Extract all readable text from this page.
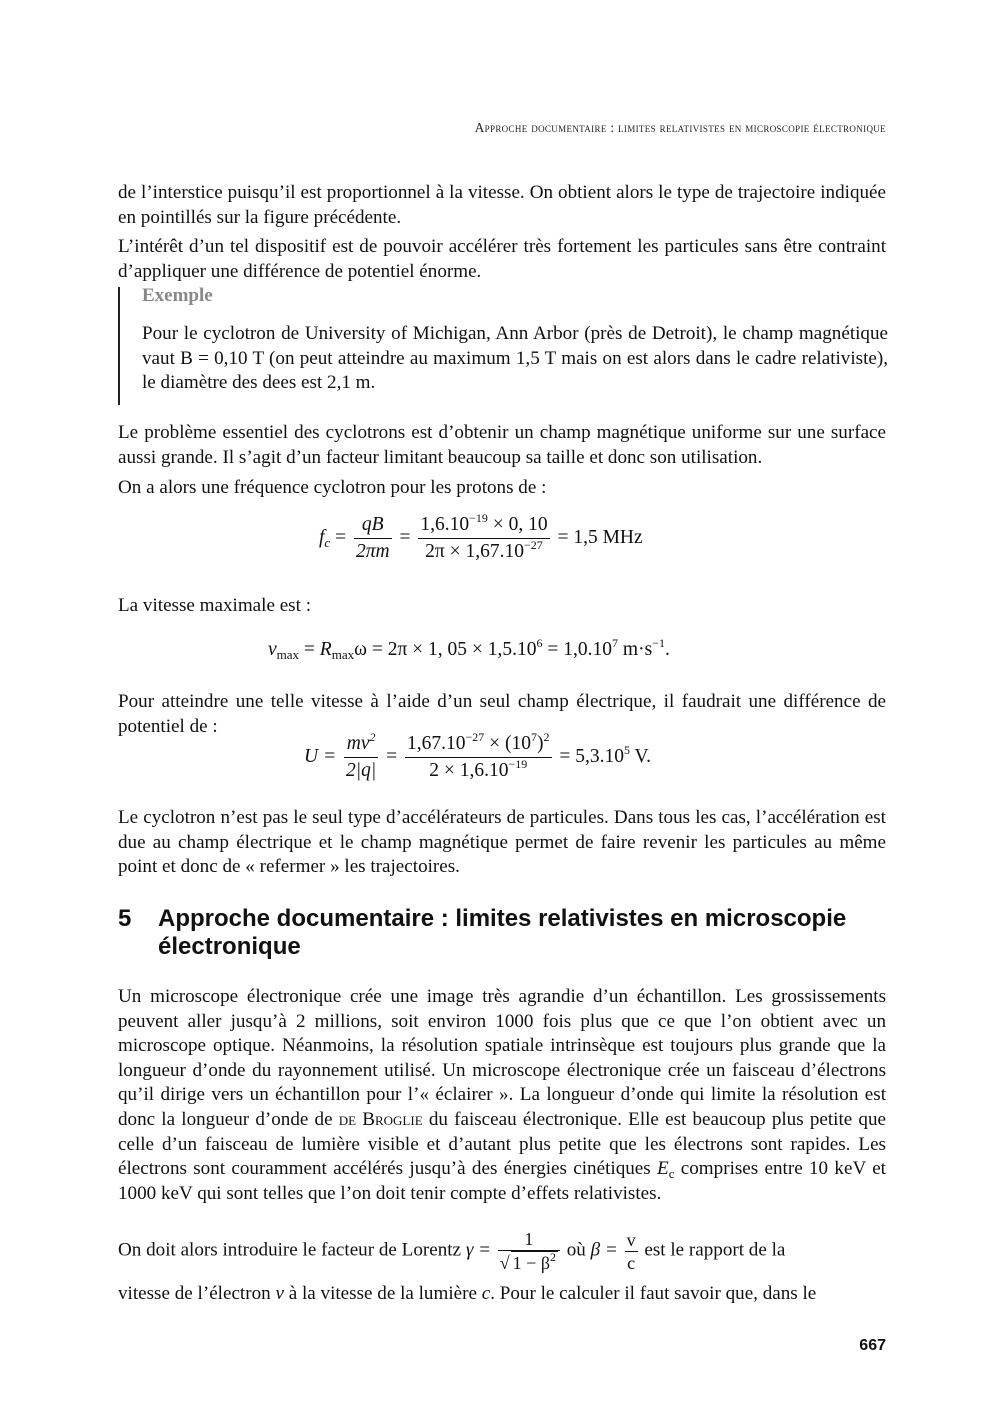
Approche documentaire : limites relativistes en microscopie électronique

de l’interstice puisqu’il est proportionnel à la vitesse. On obtient alors le type de trajectoire indiquée en pointillés sur la figure précédente.

L’intérêt d’un tel dispositif est de pouvoir accélérer très fortement les particules sans être contraint d’appliquer une différence de potentiel énorme.

Exemple

Pour le cyclotron de University of Michigan, Ann Arbor (près de Detroit), le champ magnétique vaut B = 0,10 T (on peut atteindre au maximum 1,5 T mais on est alors dans le cadre relativiste), le diamètre des dees est 2,1 m.

Le problème essentiel des cyclotrons est d’obtenir un champ magnétique uniforme sur une surface aussi grande. Il s’agit d’un facteur limitant beaucoup sa taille et donc son utilisation.

On a alors une fréquence cyclotron pour les protons de :

$f_c = \frac{qB}{2\pi m} = \frac{1,6.10^{-19} \times 0, 10}{2\pi \times 1,67.10^{-27}} = 1,5$ MHz

La vitesse maximale est :

$v_{max} = R_{max}\omega = 2\pi \times 1$, $05 \times 1,5.10^6 = 1,0.10^7$ $m\cdot s^{-1}$.

Pour atteindre une telle vitesse à l’aide d’un seul champ électrique, il faudrait une différence de potentiel de :

$U = \frac{mv^2}{2|q|} = \frac{1,67.10^{-27} \times (10^7)^2}{2 \times 1,6.10^{-19}} = 5,3.10^5$ V.

Le cyclotron n’est pas le seul type d’accélérateurs de particules. Dans tous les cas, l’accélération est due au champ électrique et le champ magnétique permet de faire revenir les particules au même point et donc de « refermer » les trajectoires.

5 Approche documentaire : limites relativistes en microscopie électronique

Un microscope électronique crée une image très agrandie d’un échantillon. Les grossissements peuvent aller jusqu’à 2 millions, soit environ 1000 fois plus que ce que l’on obtient avec un microscope optique. Néanmoins, la résolution spatiale intrinsèque est toujours plus grande que la longueur d’onde du rayonnement utilisé. Un microscope électronique crée un faisceau d’électrons qu’il dirige vers un échantillon pour l’« éclairer ». La longueur d’onde qui limite la résolution est donc la longueur d’onde de de Broglie du faisceau électronique. Elle est beaucoup plus petite que celle d’un faisceau de lumière visible et d’autant plus petite que les électrons sont rapides. Les électrons sont couramment accélérés jusqu’à des énergies cinétiques $E_c$ comprises entre 10 keV et 1000 keV qui sont telles que l’on doit tenir compte d’effets relativistes.

On doit alors introduire le facteur de Lorentz $\gamma = \frac{1}{√ 1 - \beta^2}$ où $\beta = \frac{v}{c}$ est le rapport de la

vitesse de l’électron v à la vitesse de la lumière c. Pour le calculer il faut savoir que, dans le

667
